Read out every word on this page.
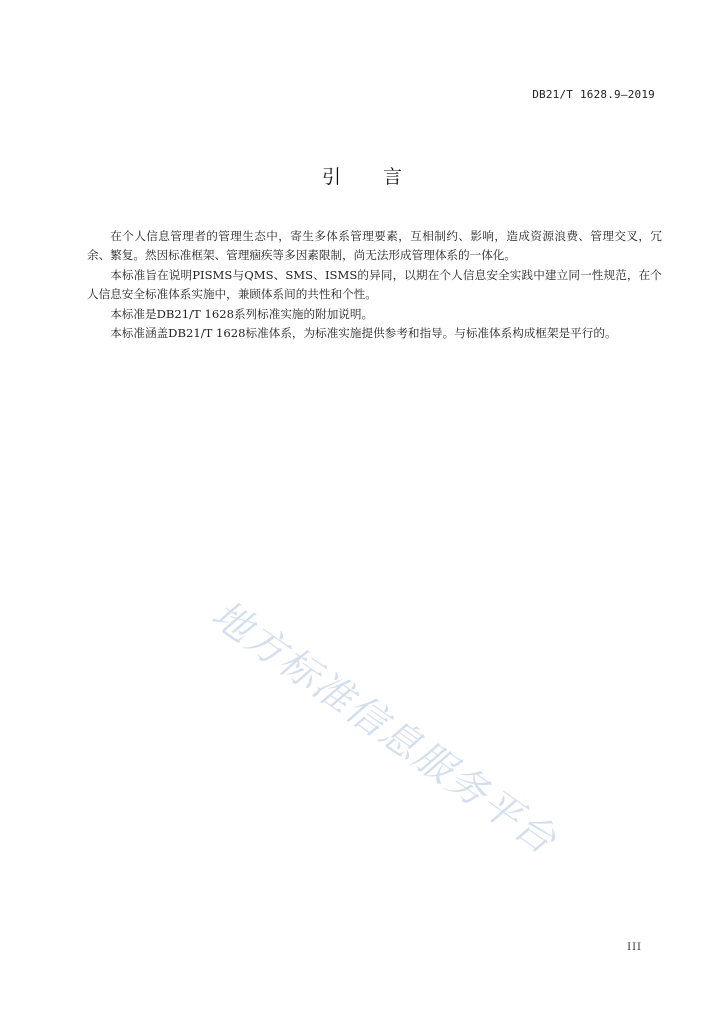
DB21/T 1628.9—2019
引言

在个人信息管理者的管理生态中，寄生多体系管理要素，互相制约、影响，造成资源浪费、管理交叉，冗余、繁复。然因标准框架、管理痼疾等多因素限制，尚无法形成管理体系的一体化。

本标准旨在说明PISMS与QMS、SMS、ISMS的异同，以期在个人信息安全实践中建立同一性规范，在个人信息安全标准体系实施中，兼顾体系间的共性和个性。

本标准是DB21/T 1628系列标准实施的附加说明。

本标准涵盖DB21/T 1628标准体系，为标准实施提供参考和指导。与标准体系构成框架是平行的。

地方标准信息服务平台
III
